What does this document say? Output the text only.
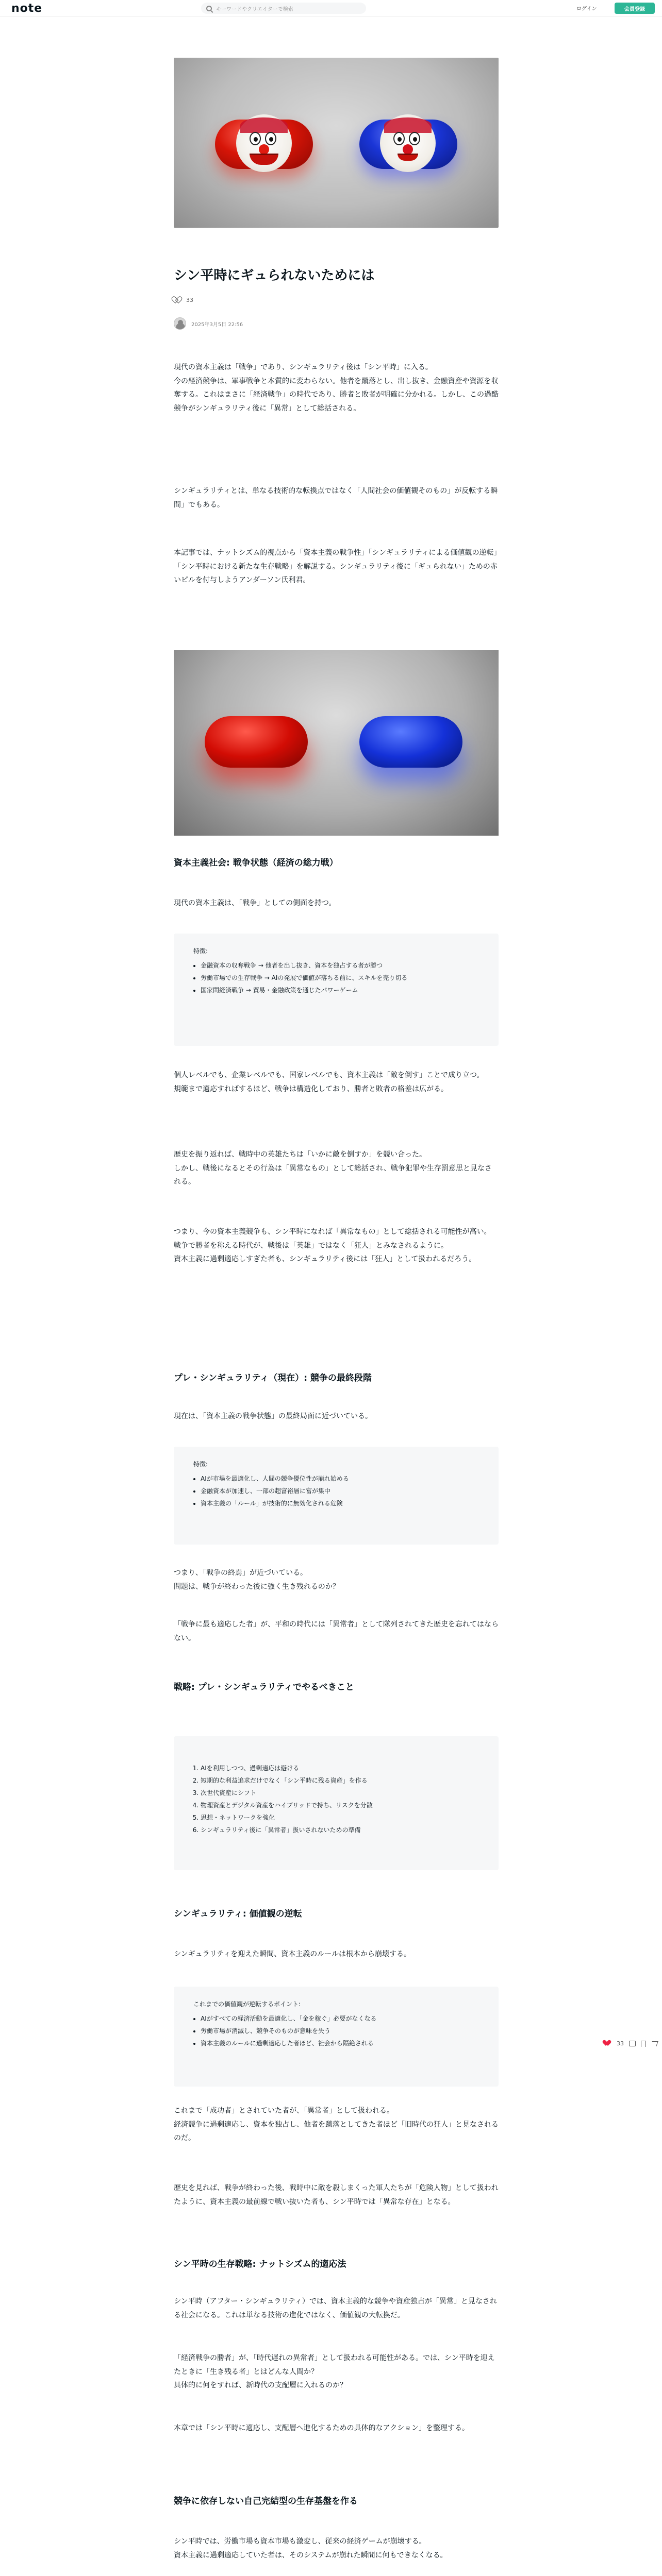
note	キーワードやクリエイターで検索	ログイン	会員登録
シン平時にギュられないためには
33
2025年3月5日 22:56
現代の資本主義は「戦争」であり、シンギュラリティ後は「シン平時」に入る。
今の経済競争は、軍事戦争と本質的に変わらない。他者を蹴落とし、出し抜き、金融資産や資源を収奪する。これはまさに「経済戦争」の時代であり、勝者と敗者が明確に分かれる。しかし、この過酷競争がシンギュラリティ後に「異常」として総括される。
シンギュラリティとは、単なる技術的な転換点ではなく「人間社会の価値観そのもの」が反転する瞬間」でもある。
本記事では、ナットシズム的視点から「資本主義の戦争性」「シンギュラリティによる価値観の逆転」「シン平時における新たな生存戦略」を解説する。シンギュラリティ後に「ギュられない」ための赤いピルを付与しようアンダーソン氏利君。
資本主義社会: 戦争状態（経済の総力戦）
現代の資本主義は、「戦争」としての側面を持つ。
特徴:
• 金融資本の収奪戦争 → 他者を出し抜き、資本を独占する者が勝つ
• 労働市場での生存戦争 → AIの発展で価値が落ちる前に、スキルを売り切る
• 国家間経済戦争 → 貿易・金融政策を通じたパワーゲーム
個人レベルでも、企業レベルでも、国家レベルでも、資本主義は「敵を倒す」ことで成り立つ。
規範まで適応すればするほど、戦争は構造化しており、勝者と敗者の格差は広がる。
歴史を振り返れば、戦時中の英雄たちは「いかに敵を倒すか」を競い合った。
しかし、戦後になるとその行為は「異常なもの」として総括され、戦争犯罪や生存罰意思と見なされる。
つまり、今の資本主義競争も、シン平時になれば「異常なもの」として総括される可能性が高い。
戦争で勝者を称える時代が、戦後は「英雄」ではなく「狂人」とみなされるように。
資本主義に過剰適応しすぎた者も、シンギュラリティ後には「狂人」として扱われるだろう。
プレ・シンギュラリティ（現在）: 競争の最終段階
現在は、「資本主義の戦争状態」の最終局面に近づいている。
特徴:
• AIが市場を最適化し、人間の競争優位性が崩れ始める
• 金融資本が加速し、一部の超富裕層に富が集中
• 資本主義の「ルール」が技術的に無効化される危険
つまり、「戦争の終焉」が近づいている。
問題は、戦争が終わった後に強く生き残れるのか？
「戦争に最も適応した者」が、平和の時代には「異常者」として隊列されてきた歴史を忘れてはならない。
戦略: プレ・シンギュラリティでやるべきこと
1. AIを利用しつつ、過剰適応は避ける
2. 短期的な利益追求だけでなく「シン平時に残る資産」を作る
3. 次世代資産にシフト
4. 物理資産とデジタル資産をハイブリッドで持ち、リスクを分散
5. 思想・ネットワークを強化
6. シンギュラリティ後に「異常者」扱いされないための準備
シンギュラリティ: 価値観の逆転
シンギュラリティを迎えた瞬間、資本主義のルールは根本から崩壊する。
これまでの価値観が逆転するポイント:
• AIがすべての経済活動を最適化し、「金を稼ぐ」必要がなくなる
• 労働市場が消滅し、競争そのものが意味を失う
• 資本主義のルールに過剰適応した者ほど、社会から隔絶される
これまで「成功者」とされていた者が、「異常者」として扱われる。
経済競争に過剰適応し、資本を独占し、他者を蹴落としてきた者ほど「旧時代の狂人」と見なされるのだ。
歴史を見れば、戦争が終わった後、戦時中に敵を殺しまくった軍人たちが「危険人物」として扱われたように、資本主義の最前線で戦い抜いた者も、シン平時では「異常な存在」となる。
シン平時の生存戦略: ナットシズム的適応法
シン平時（アフター・シンギュラリティ）では、資本主義的な競争や資産独占が「異常」と見なされる社会になる。これは単なる技術の進化ではなく、価値観の大転換だ。
「経済戦争の勝者」が、「時代遅れの異常者」として扱われる可能性がある。では、シン平時を迎えたときに「生き残る者」とはどんな人間か？
具体的に何をすれば、新時代の支配層に入れるのか？
本章では「シン平時に適応し、支配層へ進化するための具体的なアクション」を整理する。
競争に依存しない自己完結型の生存基盤を作る
シン平時では、労働市場も資本市場も激変し、従来の経済ゲームが崩壊する。
資本主義に過剰適応していた者は、そのシステムが崩れた瞬間に何もできなくなる。
33
